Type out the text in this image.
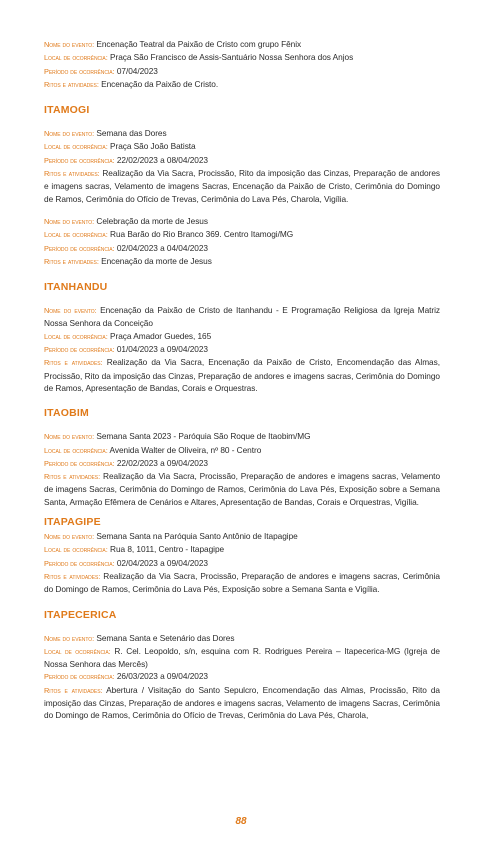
Nome do evento: Encenação Teatral da Paixão de Cristo com grupo Fênix
Local de ocorrência: Praça São Francisco de Assis-Santuário Nossa Senhora dos Anjos
Período de ocorrência: 07/04/2023
Ritos e atividades: Encenação da Paixão de Cristo.
ITAMOGI
Nome do evento: Semana das Dores
Local de ocorrência: Praça São João Batista
Período de ocorrência: 22/02/2023 a 08/04/2023
Ritos e atividades: Realização da Via Sacra, Procissão, Rito da imposição das Cinzas, Preparação de andores e imagens sacras, Velamento de imagens Sacras, Encenação da Paixão de Cristo, Cerimônia do Domingo de Ramos, Cerimônia do Ofício de Trevas, Cerimônia do Lava Pés, Charola, Vigília.
Nome do evento: Celebração da morte de Jesus
Local de ocorrência: Rua Barão do Rio Branco 369. Centro Itamogi/MG
Período de ocorrência: 02/04/2023 a 04/04/2023
Ritos e atividades: Encenação da morte de Jesus
ITANHANDU
Nome do evento: Encenação da Paixão de Cristo de Itanhandu - E Programação Religiosa da Igreja Matriz Nossa Senhora da Conceição
Local de ocorrência: Praça Amador Guedes, 165
Período de ocorrência: 01/04/2023 a 09/04/2023
Ritos e atividades: Realização da Via Sacra, Encenação da Paixão de Cristo, Encomendação das Almas, Procissão, Rito da imposição das Cinzas, Preparação de andores e imagens sacras, Cerimônia do Domingo de Ramos, Apresentação de Bandas, Corais e Orquestras.
ITAOBIM
Nome do evento: Semana Santa 2023 - Paróquia São Roque de Itaobim/MG
Local de ocorrência: Avenida Walter de Oliveira, nº 80 - Centro
Período de ocorrência: 22/02/2023 a 09/04/2023
Ritos e atividades: Realização da Via Sacra, Procissão, Preparação de andores e imagens sacras, Velamento de imagens Sacras, Cerimônia do Domingo de Ramos, Cerimônia do Lava Pés, Exposição sobre a Semana Santa, Armação Efêmera de Cenários e Altares, Apresentação de Bandas, Corais e Orquestras, Vigília.
ITAPAGIPE
Nome do evento: Semana Santa na Paróquia Santo Antônio de Itapagipe
Local de ocorrência: Rua 8, 1011, Centro - Itapagipe
Período de ocorrência: 02/04/2023 a 09/04/2023
Ritos e atividades: Realização da Via Sacra, Procissão, Preparação de andores e imagens sacras, Cerimônia do Domingo de Ramos, Cerimônia do Lava Pés, Exposição sobre a Semana Santa e Vigília.
ITAPECERICA
Nome do evento: Semana Santa e Setenário das Dores
Local de ocorrência: R. Cel. Leopoldo, s/n, esquina com R. Rodrigues Pereira – Itapecerica-MG (Igreja de Nossa Senhora das Mercês)
Período de ocorrência: 26/03/2023 a 09/04/2023
Ritos e atividades: Abertura / Visitação do Santo Sepulcro, Encomendação das Almas, Procissão, Rito da imposição das Cinzas, Preparação de andores e imagens sacras, Velamento de imagens Sacras, Cerimônia do Domingo de Ramos, Cerimônia do Ofício de Trevas, Cerimônia do Lava Pés, Charola,
88
